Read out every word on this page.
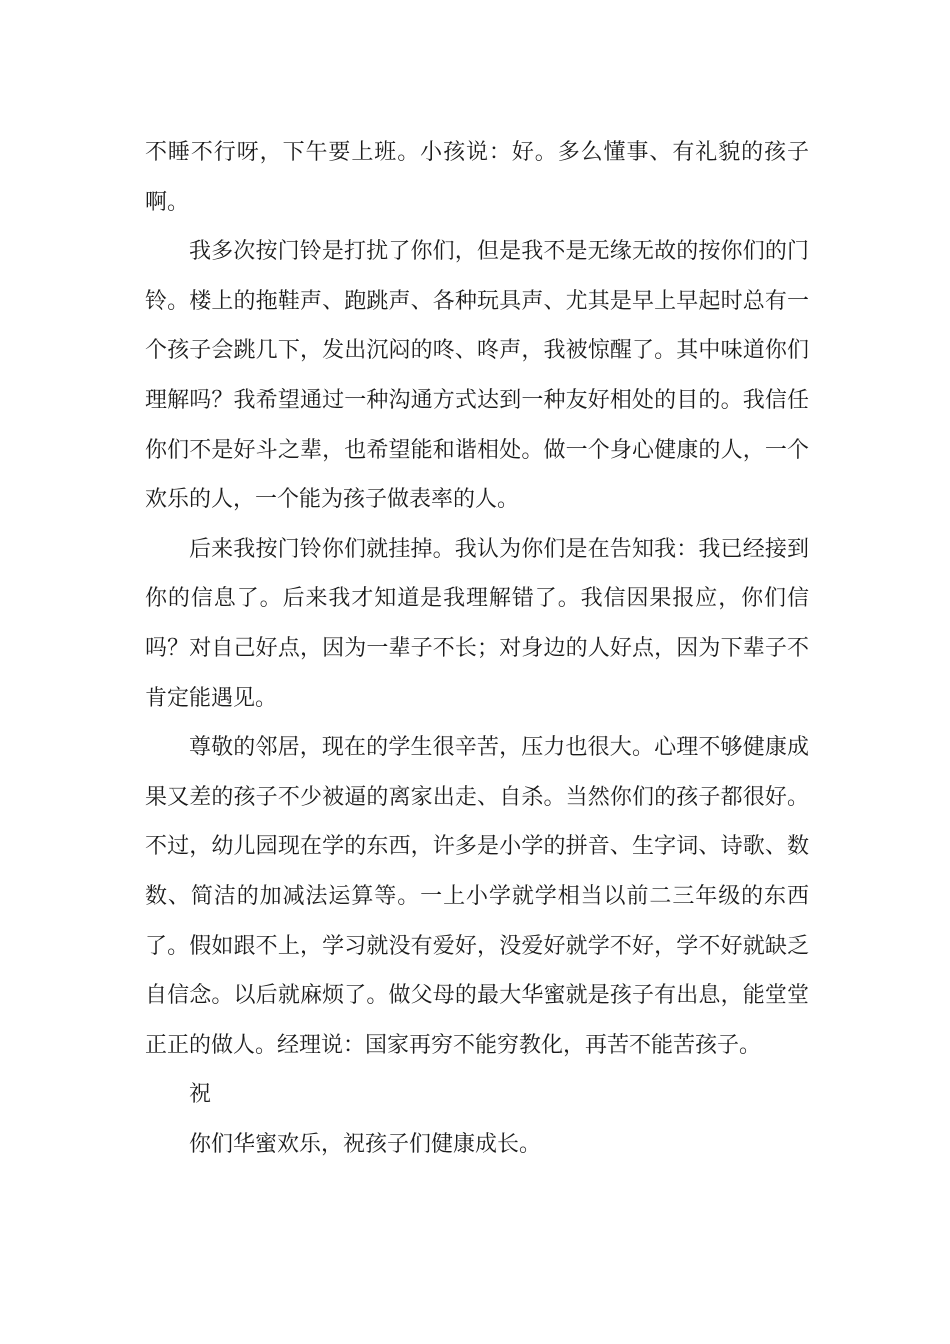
不睡不行呀，下午要上班。小孩说：好。多么懂事、有礼貌的孩子啊。

我多次按门铃是打扰了你们，但是我不是无缘无故的按你们的门铃。楼上的拖鞋声、跑跳声、各种玩具声、尤其是早上早起时总有一个孩子会跳几下，发出沉闷的咚、咚声，我被惊醒了。其中味道你们理解吗？我希望通过一种沟通方式达到一种友好相处的目的。我信任你们不是好斗之辈，也希望能和谐相处。做一个身心健康的人，一个欢乐的人，一个能为孩子做表率的人。

后来我按门铃你们就挂掉。我认为你们是在告知我：我已经接到你的信息了。后来我才知道是我理解错了。我信因果报应，你们信吗？对自己好点，因为一辈子不长；对身边的人好点，因为下辈子不肯定能遇见。

尊敬的邻居，现在的学生很辛苦，压力也很大。心理不够健康成果又差的孩子不少被逼的离家出走、自杀。当然你们的孩子都很好。不过，幼儿园现在学的东西，许多是小学的拼音、生字词、诗歌、数数、简洁的加减法运算等。一上小学就学相当以前二三年级的东西了。假如跟不上，学习就没有爱好，没爱好就学不好，学不好就缺乏自信念。以后就麻烦了。做父母的最大华蜜就是孩子有出息，能堂堂正正的做人。经理说：国家再穷不能穷教化，再苦不能苦孩子。

祝

你们华蜜欢乐，祝孩子们健康成长。
